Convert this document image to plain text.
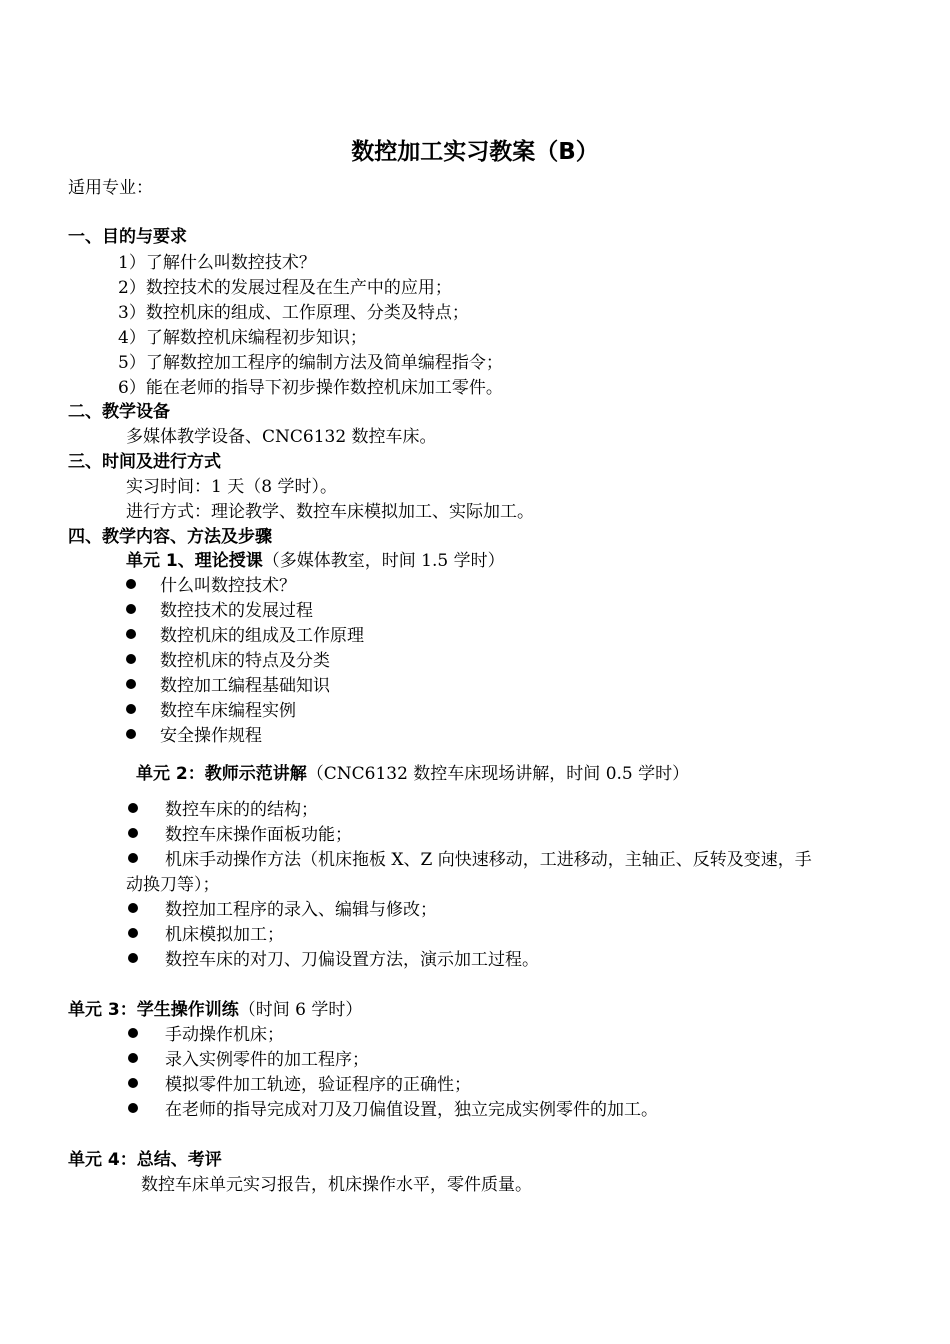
数控加工实习教案（B）
适用专业：
一、目的与要求
1）了解什么叫数控技术？
2）数控技术的发展过程及在生产中的应用；
3）数控机床的组成、工作原理、分类及特点；
4）了解数控机床编程初步知识；
5）了解数控加工程序的编制方法及简单编程指令；
6）能在老师的指导下初步操作数控机床加工零件。
二、教学设备
多媒体教学设备、CNC6132 数控车床。
三、时间及进行方式
实习时间：1 天（8 学时）。
进行方式：理论教学、数控车床模拟加工、实际加工。
四、教学内容、方法及步骤
单元 1、理论授课（多媒体教室，时间 1.5 学时）
什么叫数控技术？
数控技术的发展过程
数控机床的组成及工作原理
数控机床的特点及分类
数控加工编程基础知识
数控车床编程实例
安全操作规程
单元 2：教师示范讲解（CNC6132 数控车床现场讲解，时间 0.5 学时）
数控车床的的结构；
数控车床操作面板功能；
机床手动操作方法（机床拖板 X、Z 向快速移动，工进移动，主轴正、反转及变速，手
动换刀等）；
数控加工程序的录入、编辑与修改；
机床模拟加工；
数控车床的对刀、刀偏设置方法，演示加工过程。
单元 3：学生操作训练（时间 6 学时）
手动操作机床；
录入实例零件的加工程序；
模拟零件加工轨迹，验证程序的正确性；
在老师的指导完成对刀及刀偏值设置，独立完成实例零件的加工。
单元 4：总结、考评
数控车床单元实习报告，机床操作水平，零件质量。
